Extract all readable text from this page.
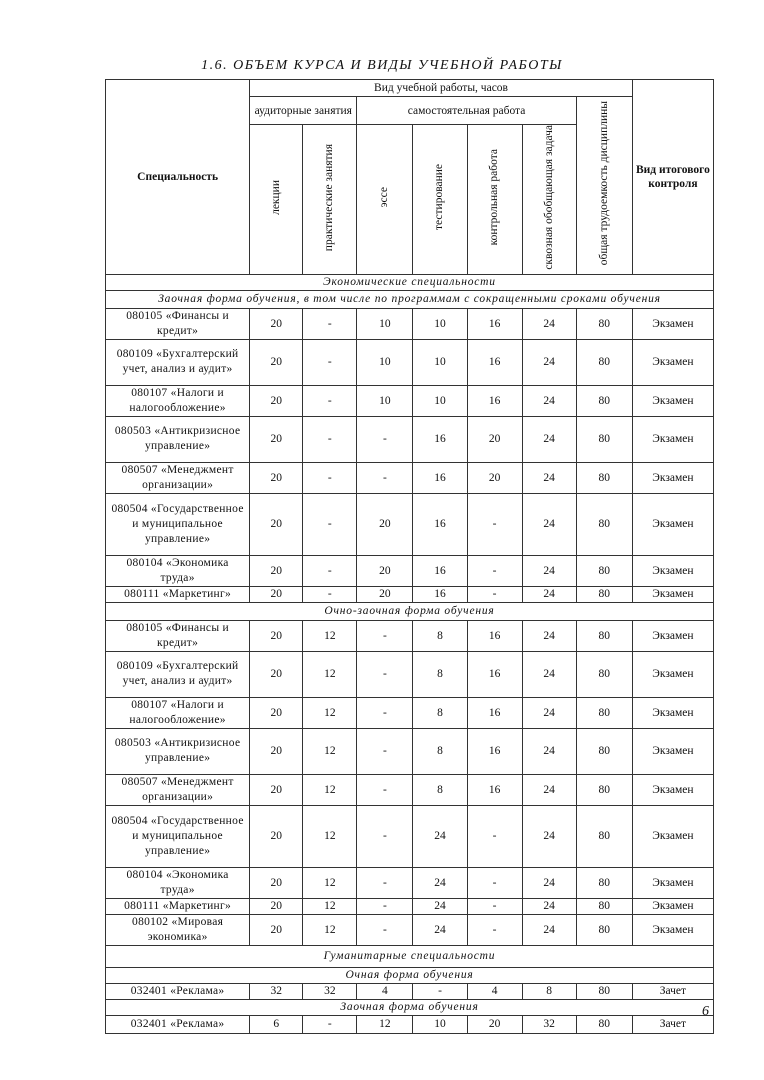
1.6. ОБЪЕМ КУРСА И ВИДЫ УЧЕБНОЙ РАБОТЫ
Специальность	Вид учебной работы, часов							Вид итогового контроля
	аудиторные занятия		самостоятельная работа				общая трудоемкость дисциплины	
	лекции	практические занятия	эссе	тестирование	контрольная работа	сквозная обобщающая задача		
Экономические специальности								
Заочная форма обучения, в том числе по программам с сокращенными сроками обучения								
080105 «Финансы и кредит»	20	-	10	10	16	24	80	Экзамен
080109 «Бухгалтерский учет, анализ и аудит»	20	-	10	10	16	24	80	Экзамен
080107 «Налоги и налогообложение»	20	-	10	10	16	24	80	Экзамен
080503 «Антикризисное управление»	20	-	-	16	20	24	80	Экзамен
080507 «Менеджмент организации»	20	-	-	16	20	24	80	Экзамен
080504 «Государственное и муниципальное управление»	20	-	20	16	-	24	80	Экзамен
080104 «Экономика труда»	20	-	20	16	-	24	80	Экзамен
080111 «Маркетинг»	20	-	20	16	-	24	80	Экзамен
Очно-заочная форма обучения								
080105 «Финансы и кредит»	20	12	-	8	16	24	80	Экзамен
080109 «Бухгалтерский учет, анализ и аудит»	20	12	-	8	16	24	80	Экзамен
080107 «Налоги и налогообложение»	20	12	-	8	16	24	80	Экзамен
080503 «Антикризисное управление»	20	12	-	8	16	24	80	Экзамен
080507 «Менеджмент организации»	20	12	-	8	16	24	80	Экзамен
080504 «Государственное и муниципальное управление»	20	12	-	24	-	24	80	Экзамен
080104 «Экономика труда»	20	12	-	24	-	24	80	Экзамен
080111 «Маркетинг»	20	12	-	24	-	24	80	Экзамен
080102 «Мировая экономика»	20	12	-	24	-	24	80	Экзамен
Гуманитарные специальности								
Очная форма обучения								
032401 «Реклама»	32	32	4	-	4	8	80	Зачет
Заочная форма обучения								
032401 «Реклама»	6	-	12	10	20	32	80	Зачет
6
